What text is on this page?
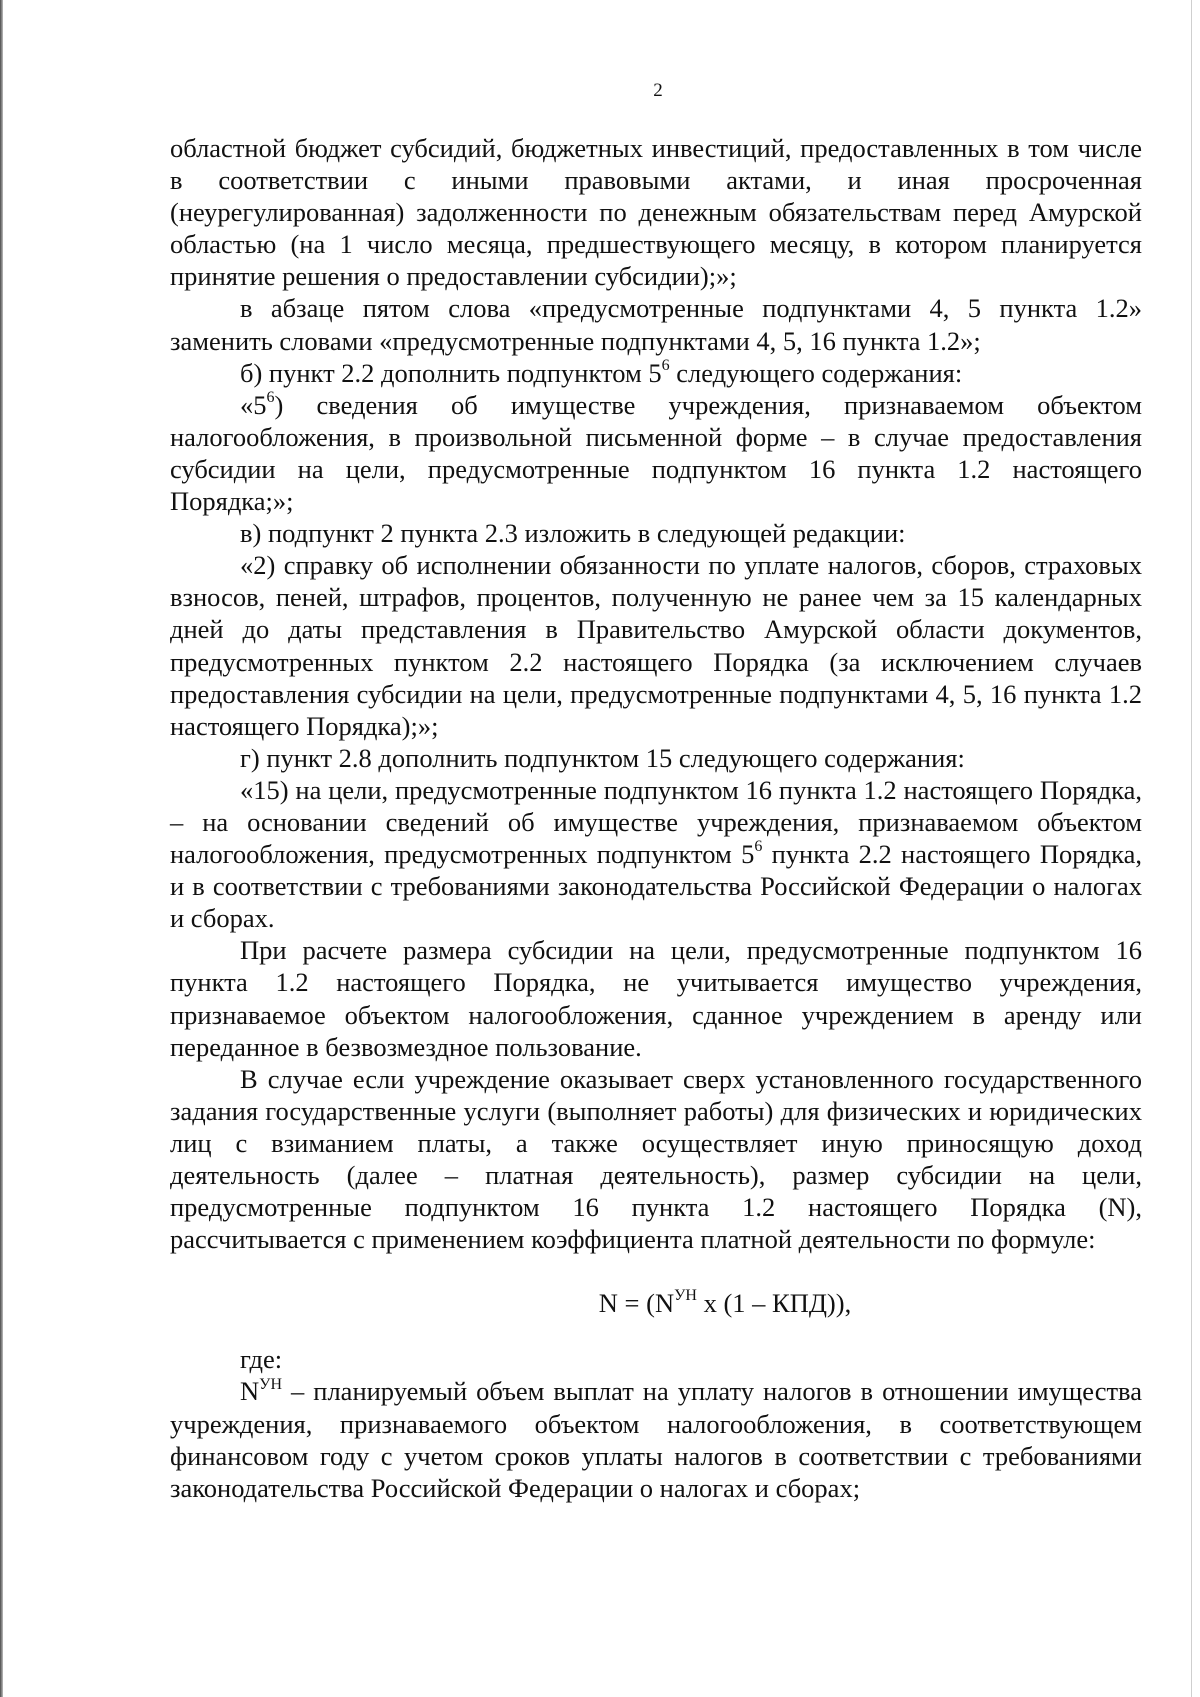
2

областной бюджет субсидий, бюджетных инвестиций, предоставленных в том числе в соответствии с иными правовыми актами, и иная просроченная (неурегулированная) задолженности по денежным обязательствам перед Амурской областью (на 1 число месяца, предшествующего месяцу, в котором планируется принятие решения о предоставлении субсидии);»;

в абзаце пятом слова «предусмотренные подпунктами 4, 5 пункта 1.2» заменить словами «предусмотренные подпунктами 4, 5, 16 пункта 1.2»;

б) пункт 2.2 дополнить подпунктом $5^6$ следующего содержания:

«$5^6$) сведения об имуществе учреждения, признаваемом объектом налогообложения, в произвольной письменной форме – в случае предоставления субсидии на цели, предусмотренные подпунктом 16 пункта 1.2 настоящего Порядка;»;

в) подпункт 2 пункта 2.3 изложить в следующей редакции:

«2) справку об исполнении обязанности по уплате налогов, сборов, страховых взносов, пеней, штрафов, процентов, полученную не ранее чем за 15 календарных дней до даты представления в Правительство Амурской области документов, предусмотренных пунктом 2.2 настоящего Порядка (за исключением случаев предоставления субсидии на цели, предусмотренные подпунктами 4, 5, 16 пункта 1.2 настоящего Порядка);»;

г) пункт 2.8 дополнить подпунктом 15 следующего содержания:

«15) на цели, предусмотренные подпунктом 16 пункта 1.2 настоящего Порядка, – на основании сведений об имуществе учреждения, признаваемом объектом налогообложения, предусмотренных подпунктом $5^6$ пункта 2.2 настоящего Порядка, и в соответствии с требованиями законодательства Российской Федерации о налогах и сборах.

При расчете размера субсидии на цели, предусмотренные подпунктом 16 пункта 1.2 настоящего Порядка, не учитывается имущество учреждения, признаваемое объектом налогообложения, сданное учреждением в аренду или переданное в безвозмездное пользование.

В случае если учреждение оказывает сверх установленного государственного задания государственные услуги (выполняет работы) для физических и юридических лиц с взиманием платы, а также осуществляет иную приносящую доход деятельность (далее – платная деятельность), размер субсидии на цели, предусмотренные подпунктом 16 пункта 1.2 настоящего Порядка (N), рассчитывается с применением коэффициента платной деятельности по формуле:

$N = (N^{УН}$ x (1 – КПД)),

где:

$N^{УН}$ – планируемый объем выплат на уплату налогов в отношении имущества учреждения, признаваемого объектом налогообложения, в соответствующем финансовом году с учетом сроков уплаты налогов в соответствии с требованиями законодательства Российской Федерации о налогах и сборах;
